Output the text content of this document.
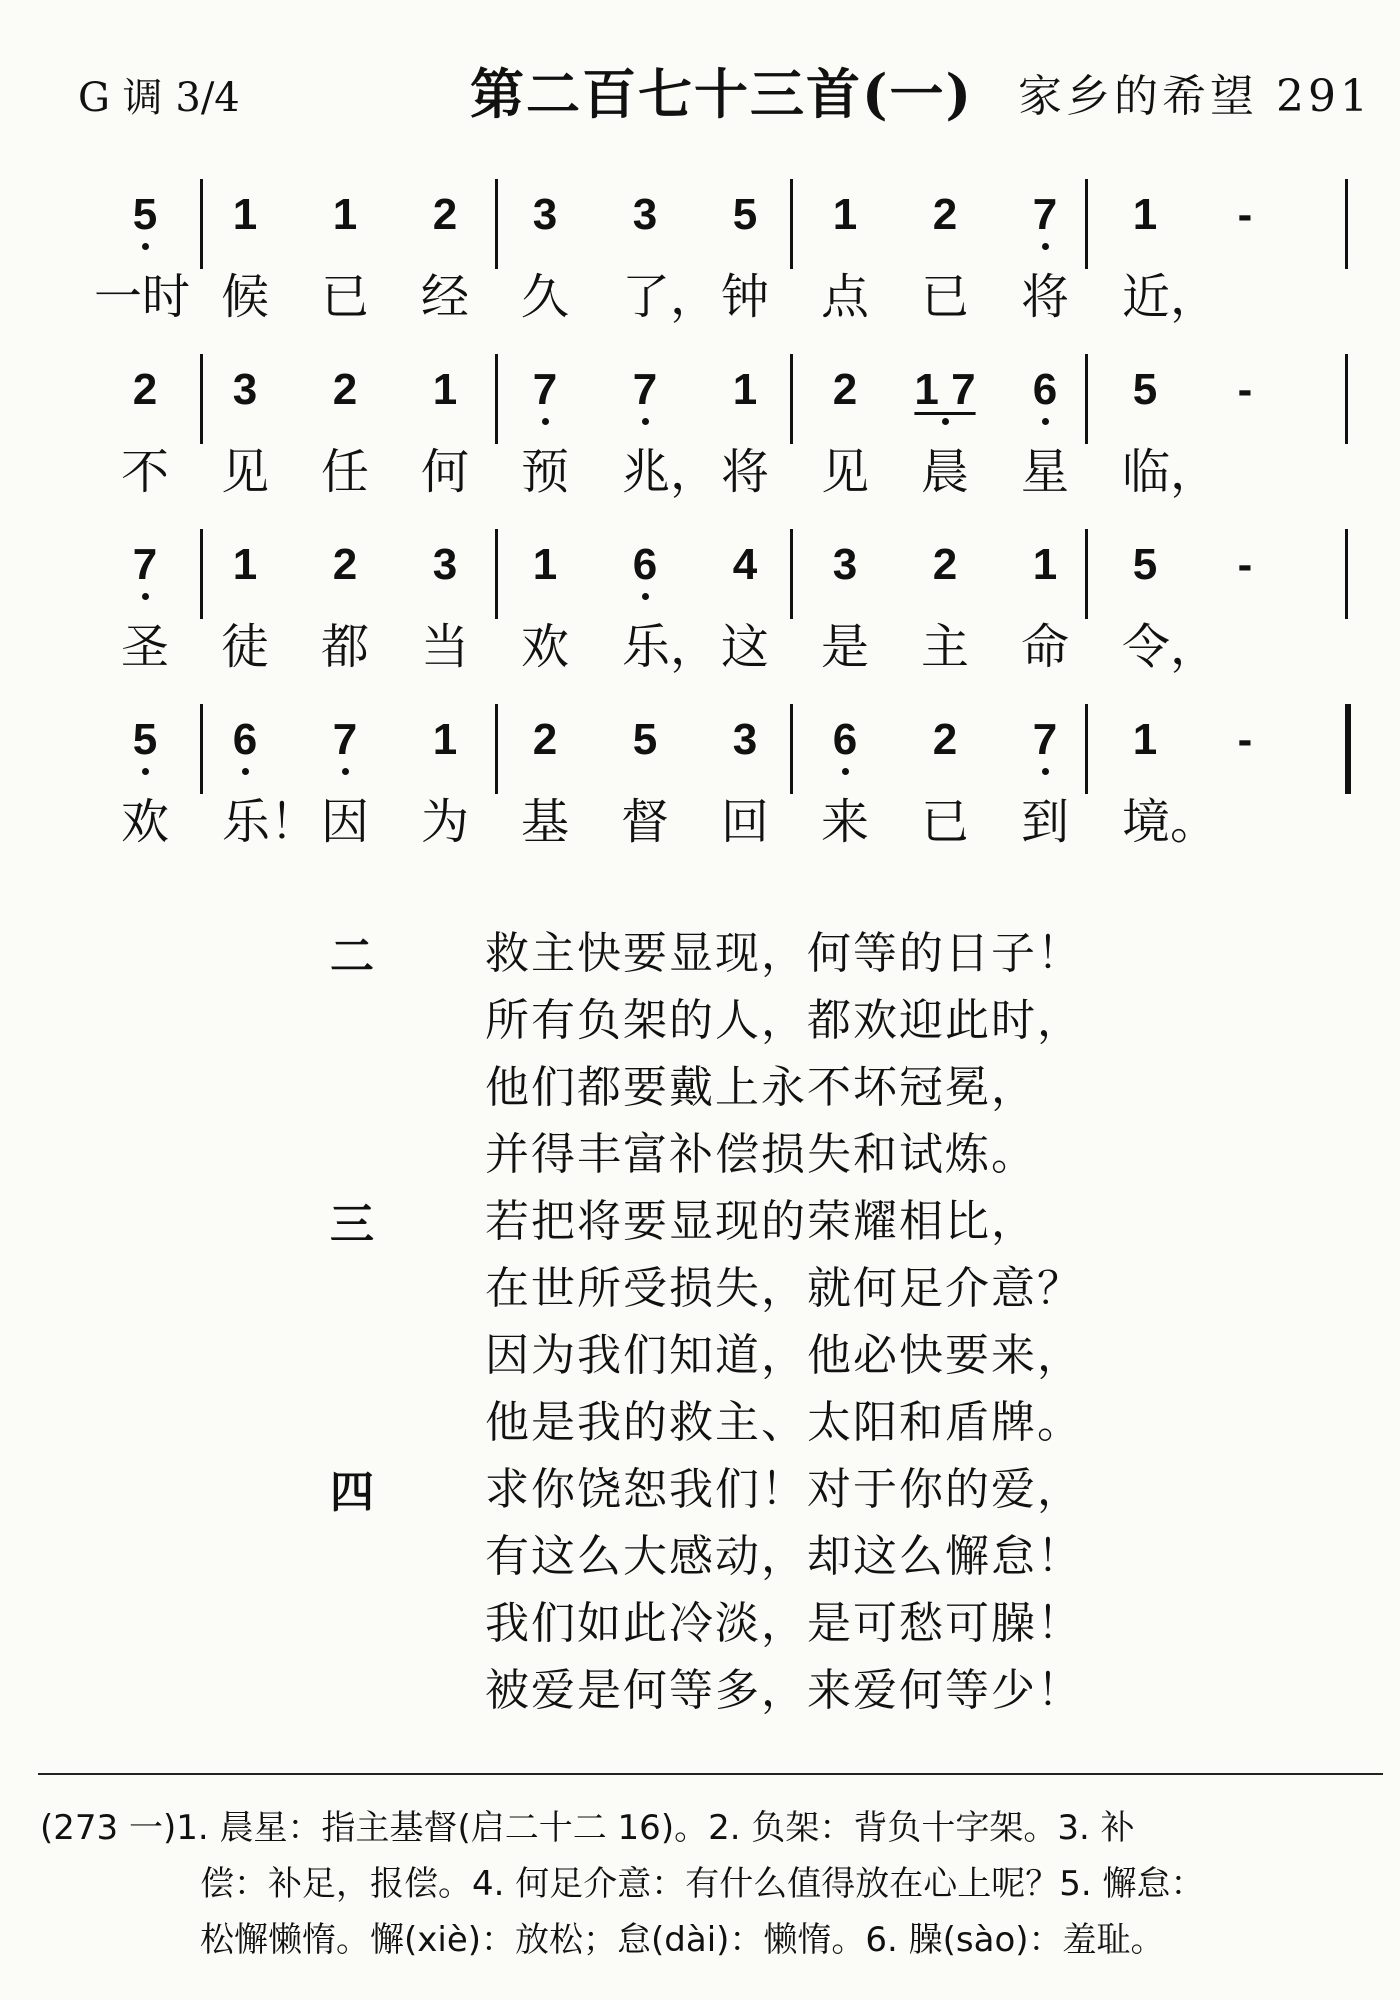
G 调 3/4	第二百七十三首(一) 家乡的希望 291
5	1	1	2	3	3	5	1	2	7	1	-
一时 候	已	经	久	了， 钟	点	已	将	近，
2	3	2	1	7	7	1	2	1 7	6	5	-
不	见	任	何	预	兆， 将	见	晨	星	临，
7	1	2	3	1	6	4	3	2	1	5	-
圣	徒	都	当	欢	乐， 这	是	主	命	令，
5	6	7	1	2	5	3	6	2	7	1	-
欢	乐！ 因	为	基	督	回	来	已	到	境。
二	救主快要显现，何等的日子！
所有负架的人，都欢迎此时，
他们都要戴上永不坏冠冕，
并得丰富补偿损失和试炼。
三	若把将要显现的荣耀相比，
在世所受损失，就何足介意？
因为我们知道，他必快要来，
他是我的救主、太阳和盾牌。
四	求你饶恕我们！对于你的爱，
有这么大感动，却这么懈怠！
我们如此冷淡，是可愁可臊！
被爱是何等多，来爱何等少！
(273 一)1. 晨星：指主基督(启二十二 16)。2. 负架：背负十字架。3. 补
偿：补足，报偿。4. 何足介意：有什么值得放在心上呢？5. 懈怠：
松懈懒惰。懈(xiè)：放松；怠(dài)：懒惰。6. 臊(sào)：羞耻。
